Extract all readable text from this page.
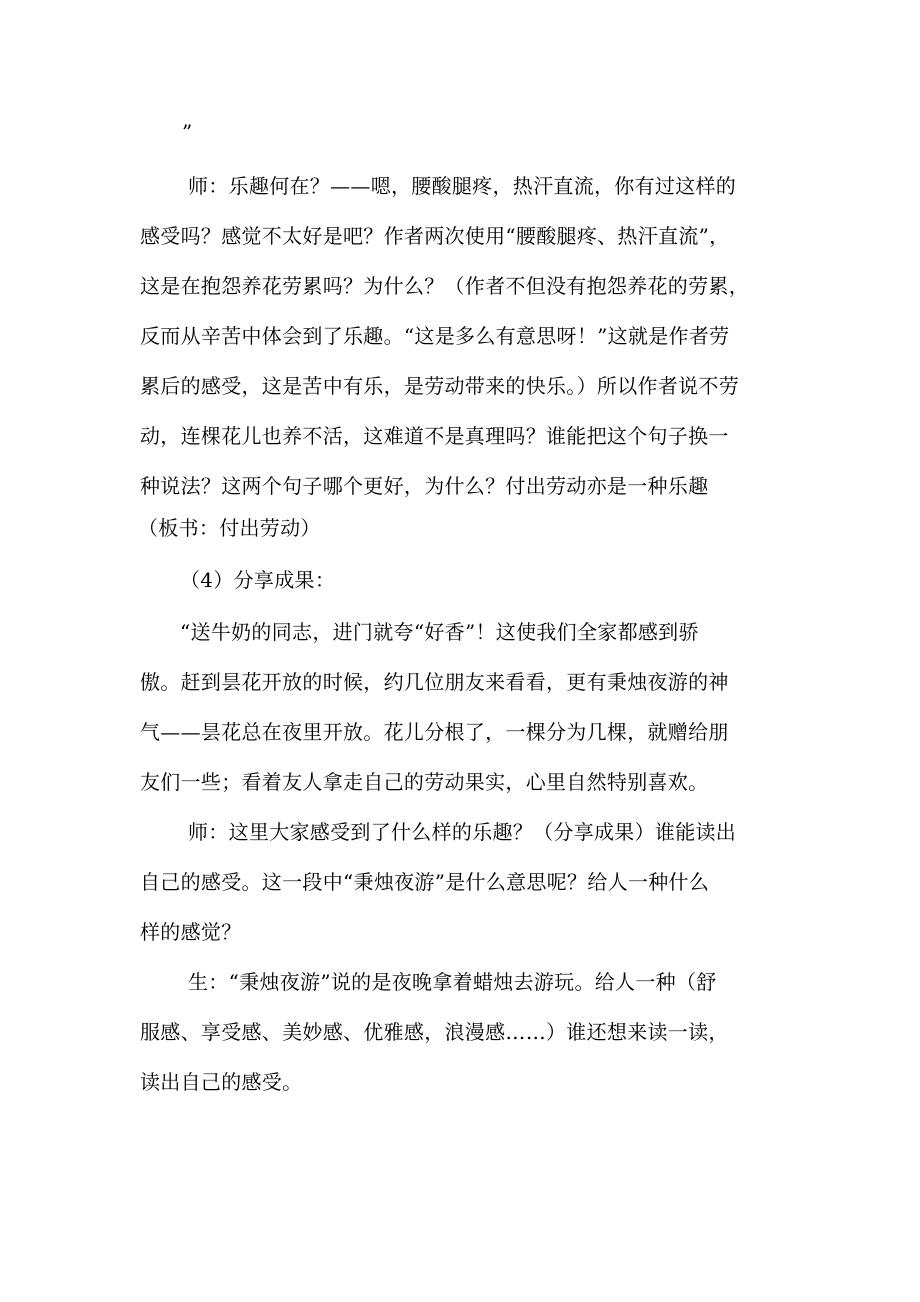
”
师：乐趣何在？——嗯，腰酸腿疼，热汗直流，你有过这样的
感受吗？感觉不太好是吧？作者两次使用“腰酸腿疼、热汗直流”，
这是在抱怨养花劳累吗？为什么？（作者不但没有抱怨养花的劳累，
反而从辛苦中体会到了乐趣。“这是多么有意思呀！”这就是作者劳
累后的感受，这是苦中有乐，是劳动带来的快乐。）所以作者说不劳
动，连棵花儿也养不活，这难道不是真理吗？谁能把这个句子换一
种说法？这两个句子哪个更好，为什么？付出劳动亦是一种乐趣
（板书：付出劳动）
（4）分享成果：
“送牛奶的同志，进门就夸“好香”！这使我们全家都感到骄
傲。赶到昙花开放的时候，约几位朋友来看看，更有秉烛夜游的神
气——昙花总在夜里开放。花儿分根了，一棵分为几棵，就赠给朋
友们一些；看着友人拿走自己的劳动果实，心里自然特别喜欢。
师：这里大家感受到了什么样的乐趣？（分享成果）谁能读出
自己的感受。这一段中“秉烛夜游”是什么意思呢？给人一种什么
样的感觉？
生：“秉烛夜游”说的是夜晚拿着蜡烛去游玩。给人一种（舒
服感、享受感、美妙感、优雅感，浪漫感……）谁还想来读一读，
读出自己的感受。
